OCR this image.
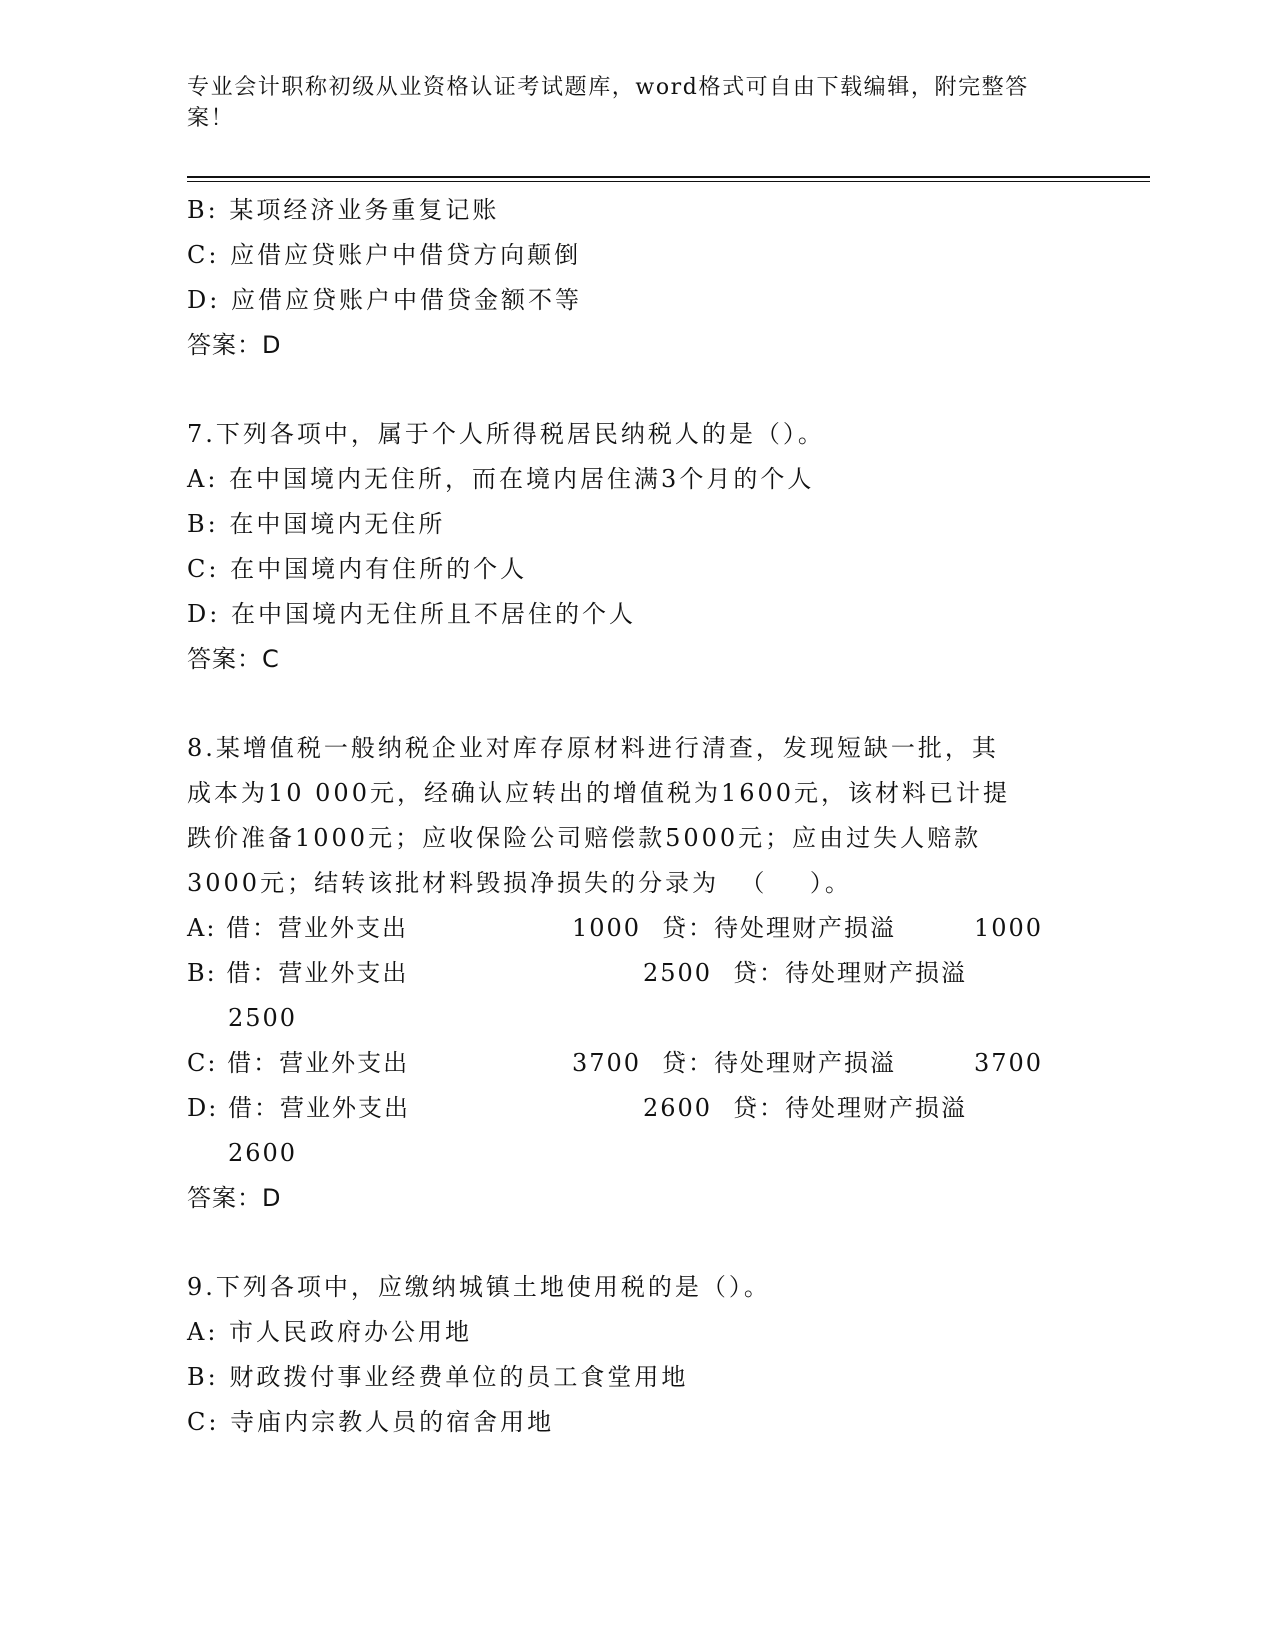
专业会计职称初级从业资格认证考试题库，word格式可自由下载编辑，附完整答案！
B: 某项经济业务重复记账
C: 应借应贷账户中借贷方向颠倒
D: 应借应贷账户中借贷金额不等
答案：D
7.下列各项中，属于个人所得税居民纳税人的是（）。
A: 在中国境内无住所，而在境内居住满3个月的个人
B: 在中国境内无住所
C: 在中国境内有住所的个人
D: 在中国境内无住所且不居住的个人
答案：C
8.某增值税一般纳税企业对库存原材料进行清查，发现短缺一批，其
成本为10 000元，经确认应转出的增值税为1600元，该材料已计提
跌价准备1000元；应收保险公司赔偿款5000元；应由过失人赔款
3000元；结转该批材料毁损净损失的分录为  （    ）。
A: 借：营业外支出	1000 贷：待处理财产损溢	1000
B: 借：营业外支出	2500 贷：待处理财产损溢
2500
C: 借：营业外支出	3700 贷：待处理财产损溢	3700
D: 借：营业外支出	2600 贷：待处理财产损溢
2600
答案：D
9.下列各项中，应缴纳城镇土地使用税的是（）。
A: 市人民政府办公用地
B: 财政拨付事业经费单位的员工食堂用地
C: 寺庙内宗教人员的宿舍用地
